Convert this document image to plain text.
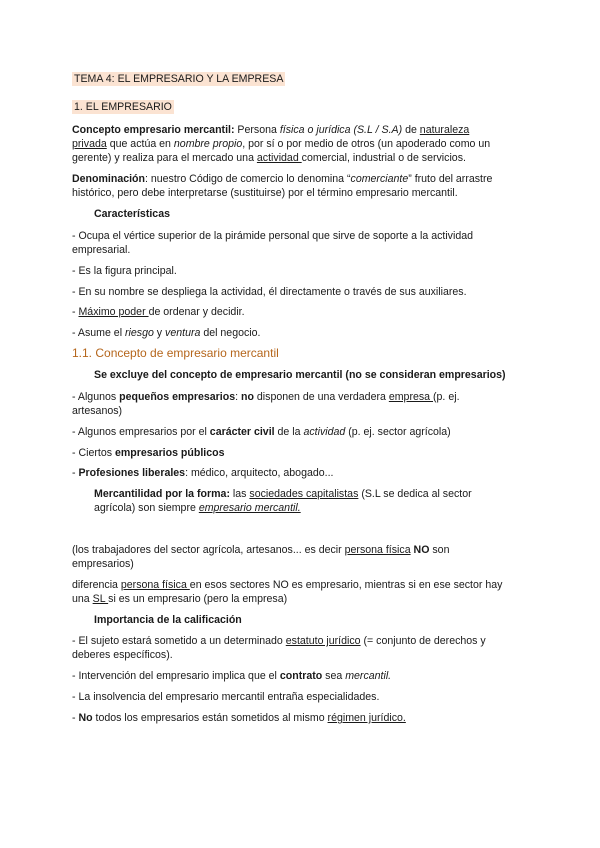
TEMA 4: EL EMPRESARIO Y LA EMPRESA

1. EL EMPRESARIO

Concepto empresario mercantil: Persona física o jurídica (S.L / S.A) de naturaleza

privada que actúa en nombre propio, por sí o por medio de otros (un apoderado como un

gerente) y realiza para el mercado una actividad comercial, industrial o de servicios.

Denominación: nuestro Código de comercio lo denomina “comerciante” fruto del arrastre

histórico, pero debe interpretarse (sustituirse) por el término empresario mercantil.

Características

- Ocupa el vértice superior de la pirámide personal que sirve de soporte a la actividad

empresarial.

- Es la figura principal.

- En su nombre se despliega la actividad, él directamente o través de sus auxiliares.

- Máximo poder de ordenar y decidir.

- Asume el riesgo y ventura del negocio.

1.1. Concepto de empresario mercantil

Se excluye del concepto de empresario mercantil (no se consideran empresarios)

- Algunos pequeños empresarios: no disponen de una verdadera empresa (p. ej.

artesanos)

- Algunos empresarios por el carácter civil de la actividad (p. ej. sector agrícola)

- Ciertos empresarios públicos

- Profesiones liberales: médico, arquitecto, abogado...

Mercantilidad por la forma: las sociedades capitalistas (S.L se dedica al sector

agrícola) son siempre empresario mercantil.

(los trabajadores del sector agrícola, artesanos... es decir persona física NO son

empresarios)

diferencia persona física en esos sectores NO es empresario, mientras si en ese sector hay

una SL si es un empresario (pero la empresa)

Importancia de la calificación

- El sujeto estará sometido a un determinado estatuto jurídico (= conjunto de derechos y

deberes específicos).

- Intervención del empresario implica que el contrato sea mercantil.

- La insolvencia del empresario mercantil entraña especialidades.

- No todos los empresarios están sometidos al mismo régimen jurídico.
